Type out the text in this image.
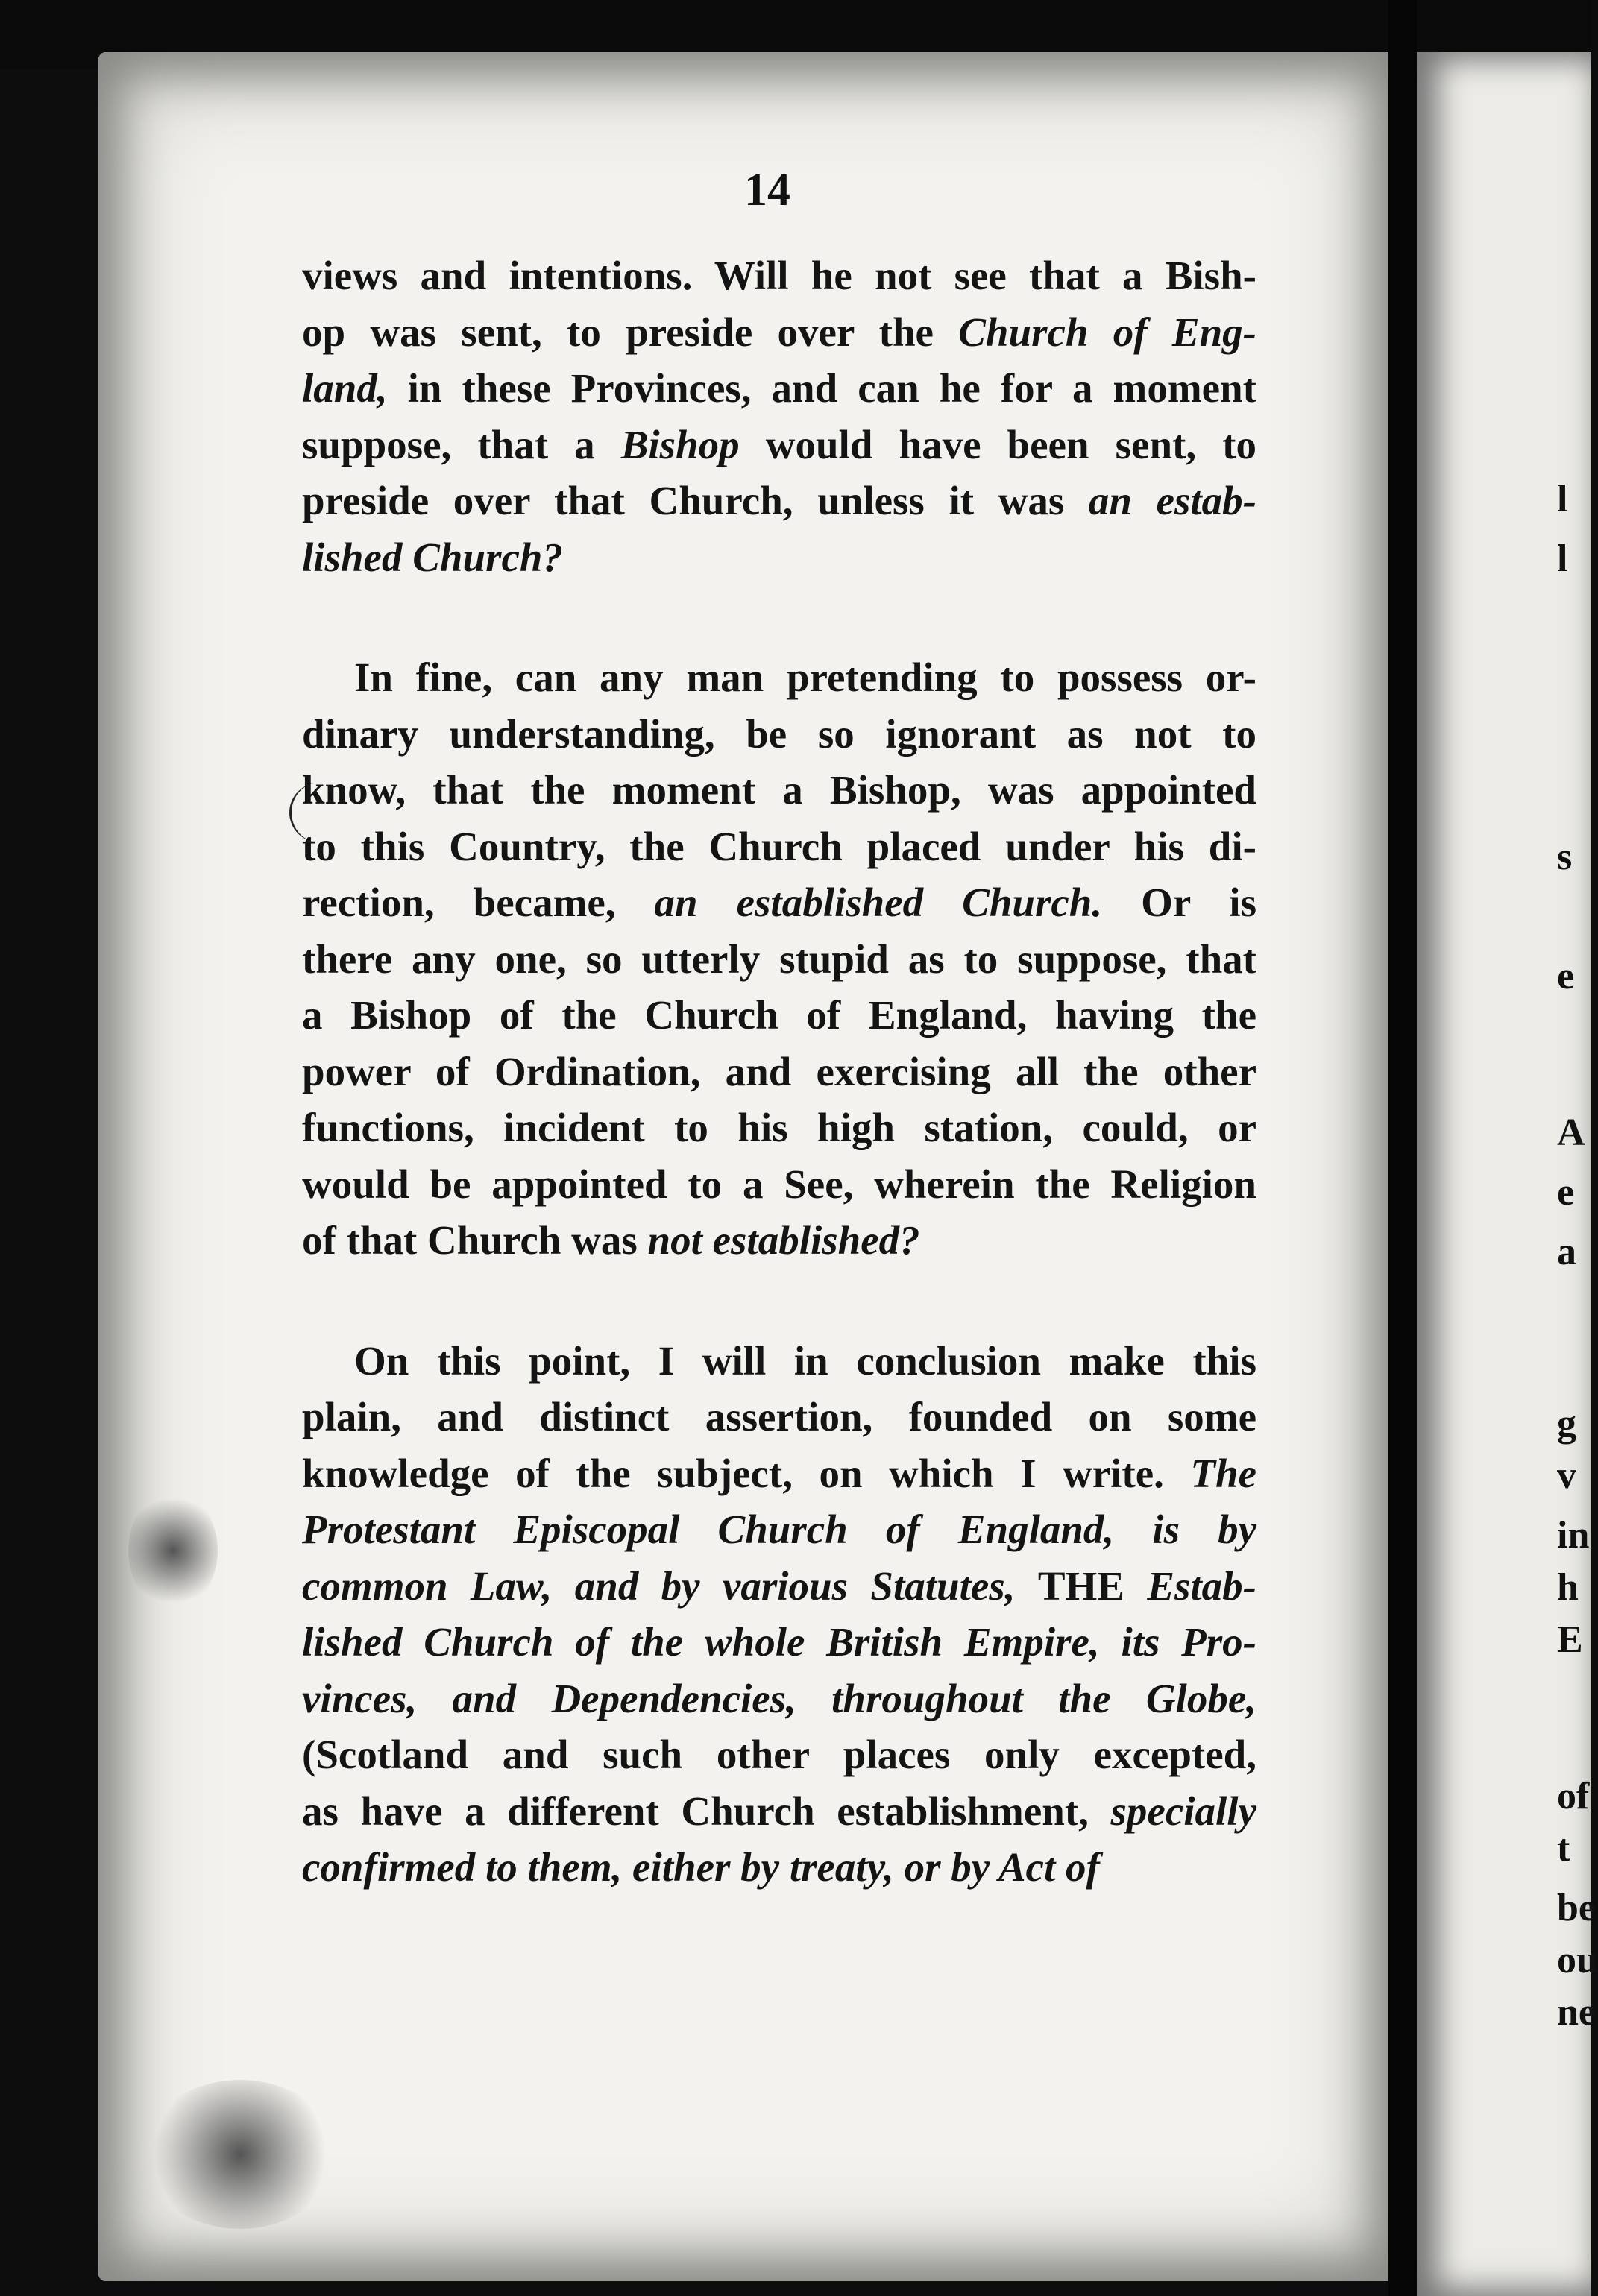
14

views and intentions. Will he not see that a Bish-
op was sent, to preside over the Church of Eng-
land, in these Provinces, and can he for a moment
suppose, that a Bishop would have been sent, to
preside over that Church, unless it was an estab-
lished Church?

In fine, can any man pretending to possess or-
dinary understanding, be so ignorant as not to
know, that the moment a Bishop, was appointed
to this Country, the Church placed under his di-
rection, became, an established Church. Or is
there any one, so utterly stupid as to suppose, that
a Bishop of the Church of England, having the
power of Ordination, and exercising all the other
functions, incident to his high station, could, or
would be appointed to a See, wherein the Religion
of that Church was not established?

On this point, I will in conclusion make this
plain, and distinct assertion, founded on some
knowledge of the subject, on which I write. The
Protestant Episcopal Church of England, is by
common Law, and by various Statutes, THE Estab-
lished Church of the whole British Empire, its Pro-
vinces, and Dependencies, throughout the Globe,
(Scotland and such other places only excepted,
as have a different Church establishment, specially
confirmed to them, either by treaty, or by Act of

l
l
s
e
A
e
a
g
v
in
h
E
of
t
be
ou
ne
